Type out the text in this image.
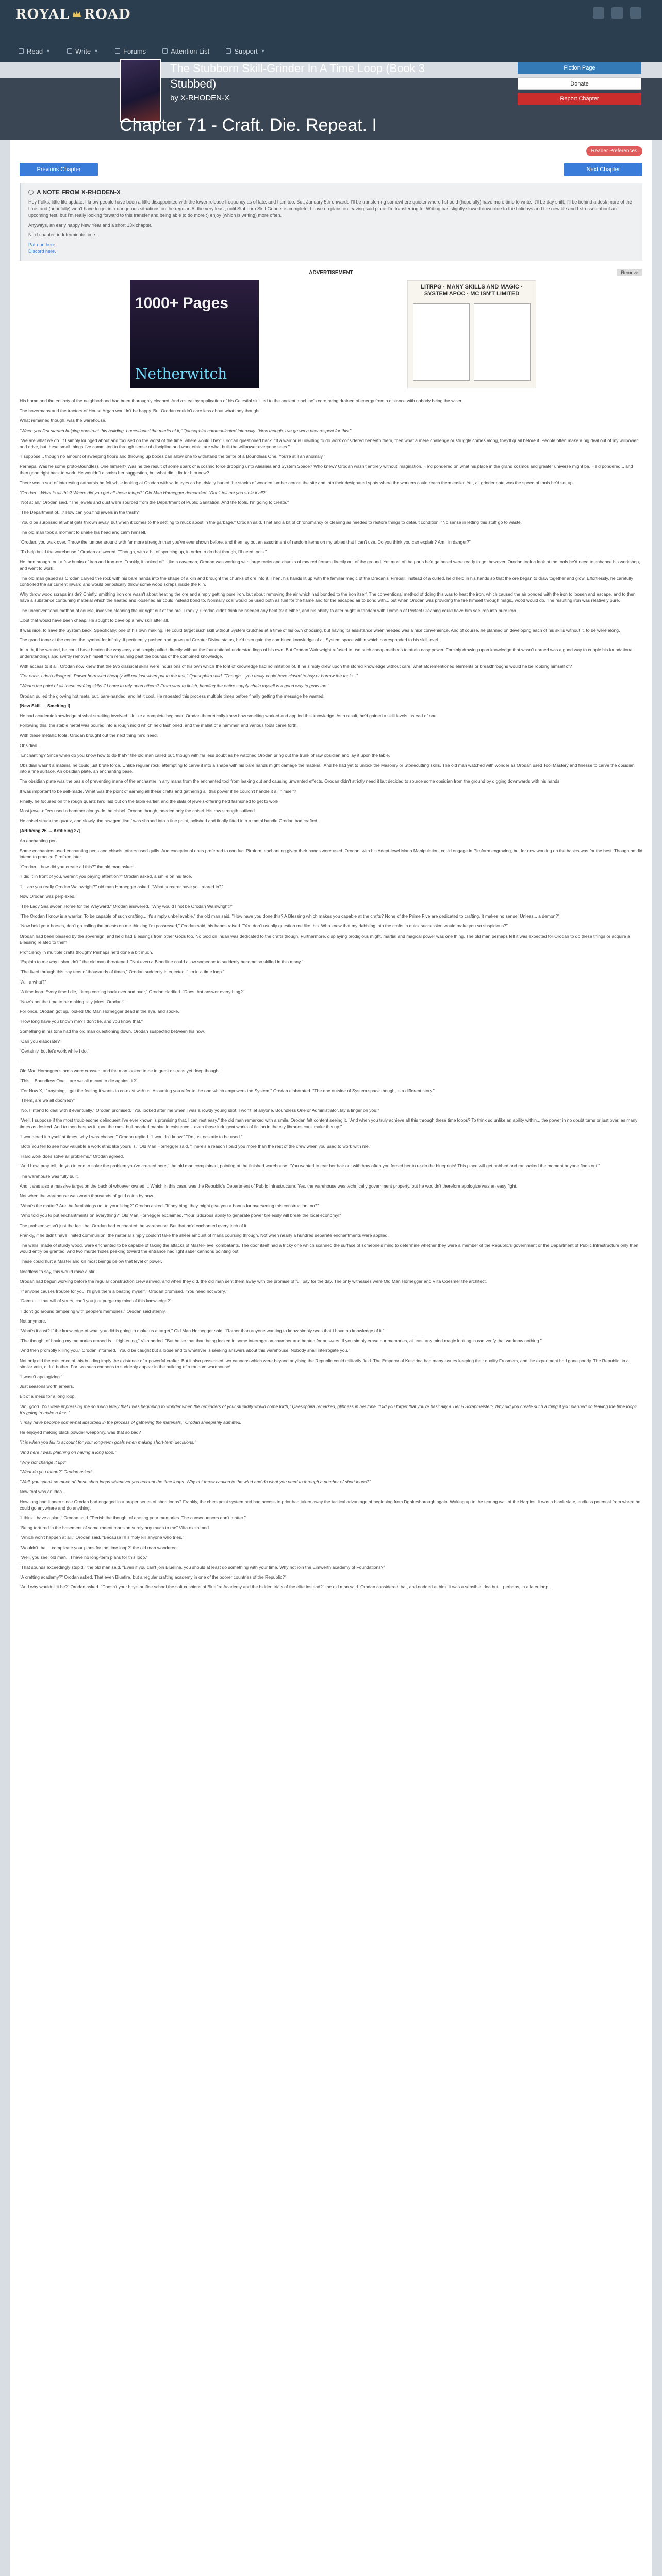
ROYAL ROAD
Read ▼	Write ▼	Forums	Attention List	Support ▼
The Stubborn Skill-Grinder In A Time Loop (Book 3 Stubbed)
by X-RHODEN-X
Fiction Page
Donate
Report Chapter
Chapter 71 - Craft. Die. Repeat. I
Reader Preferences
Previous Chapter	Next Chapter
A NOTE FROM X-RHODEN-X

Hey Folks, little life update. I know people have been a little disappointed with the lower release frequency as of late, and I am too. But, January 5th onwards I'll be transferring somewhere quieter where I should (hopefully) have more time to write. It'll be day shift, I'll be behind a desk more of the time, and (hopefully) won't have to get into dangerous situations on the regular. At the very least, until Stubborn Skill-Grinder is complete, I have no plans on leaving said place I'm transferring to. Writing has slightly slowed down due to the holidays and the new life and I stressed about an upcoming test, but I'm really looking forward to this transfer and being able to do more :) enjoy (which is writing) more often.

Anyways, an early happy New Year and a short 13k chapter.

Next chapter, indeterminate time.

Patreon here.
Discord here.
ADVERTISEMENT	Remove
1000+ Pages
Netherwitch
LITRPG · MANY SKILLS AND MAGIC · SYSTEM APOC · MC ISN'T LIMITED

His home and the entirety of the neighborhood had been thoroughly cleaned. And a stealthy application of his Celestial skill led to the ancient machine's core being drained of energy from a distance with nobody being the wiser.

The hovermans and the tractors of House Argan wouldn't be happy. But Orodan couldn't care less about what they thought.

What remained though, was the warehouse.

"When you first started helping construct this building, I questioned the merits of it," Qaesophira communicated internally. "Now though, I've grown a new respect for this."

"We are what we do. If I simply lounged about and focused on the worst of the time, where would I be?" Orodan questioned back. "If a warrior is unwilling to do work considered beneath them, then what a mere challenge or struggle comes along, they'll quail before it. People often make a big deal out of my willpower and drive, but these small things I've committed to through sense of discipline and work ethic, are what built the willpower everyone sees."

"I suppose... though no amount of sweeping floors and throwing up boxes can allow one to withstand the terror of a Boundless One. You're still an anomaly."

Perhaps. Was he some proto-Boundless One himself? Was he the result of some spark of a cosmic force dropping unto Alaisiaia and System Space? Who knew? Orodan wasn't entirely without imagination. He'd pondered on what his place in the grand cosmos and greater universe might be. He'd pondered... and then gone right back to work. He wouldn't dismiss her suggestion, but what did it fix for him now?

There was a sort of interesting catharsis he felt while looking at Orodan with wide eyes as he trivially hurled the stacks of wooden lumber across the site and into their designated spots where the workers could reach them easier. Yet, all grinder note was the speed of tools he'd set up.

"Orodan... What is all this? Where did you get all these things?" Old Man Hornegger demanded. "Don't tell me you stole it all?"

"Not at all," Orodan said. "The jewels and dust were sourced from the Department of Public Sanitation. And the tools, I'm going to create."

"The Department of...? How can you find jewels in the trash?"

"You'd be surprised at what gets thrown away, but when it comes to the settling to muck about in the garbage," Orodan said. That and a bit of chronomancy or clearing as needed to restore things to default condition. "No sense in letting this stuff go to waste."

The old man took a moment to shake his head and calm himself.

"Orodan, you walk over. Throw the lumber around with far more strength than you've ever shown before, and then lay out an assortment of random items on my tables that I can't use. Do you think you can explain? Am I in danger?"

"To help build the warehouse," Orodan answered. "Though, with a bit of sprucing up, in order to do that though, I'll need tools."

He then brought out a few hunks of iron and iron ore. Frankly, it looked off. Like a caveman, Orodan was working with large rocks and chunks of raw red ferrum directly out of the ground. Yet most of the parts he'd gathered were ready to go, however. Orodan took a look at the tools he'd need to enhance his workshop, and went to work.

The old man gaped as Orodan carved the rock with his bare hands into the shape of a kiln and brought the chunks of ore into it. Then, his hands lit up with the familiar magic of the Dracanis' Fireball, instead of a curled, he'd held in his hands so that the ore began to draw together and glow. Effortlessly, he carefully controlled the air current inward and would periodically throw some wood scraps inside the kiln.

Why throw wood scraps inside? Chiefly, smithing iron ore wasn't about heating the ore and simply getting pure iron, but about removing the air which had bonded to the iron itself. The conventional method of doing this was to heat the iron, which caused the air bonded with the iron to loosen and escape, and to then have a substance containing material which the heated and loosened air could instead bond to. Normally coal would be used both as fuel for the flame and for the escaped air to bond with... but when Orodan was providing the fire himself through magic, wood would do. The resulting iron was relatively pure.

The unconventional method of course, involved cleaning the air right out of the ore. Frankly, Orodan didn't think he needed any heat for it either, and his ability to alter might in tandem with Domain of Perfect Cleaning could have him see iron into pure iron.

...but that would have been cheap. He sought to develop a new skill after all.

It was nice, to have the System back. Specifically, one of his own making, He could target such skill without System crutches at a time of his own choosing, but having its assistance when needed was a nice convenience. And of course, he planned on developing each of his skills without it, to be were along.

The grand tome at the center, the symbol for infinity. If pertinently pushed and grown ad Greater Divine status, he'd then gain the combined knowledge of all System space within which corresponded to his skill level.

In truth, if he wanted, he could have beaten the way easy and simply pulled directly without the foundational understandings of his own. But Orodan Wainwright refused to use such cheap methods to attain easy power. Forcibly drawing upon knowledge that wasn't earned was a good way to cripple his foundational understandings and swiftly remove himself from remaining past the bounds of the combined knowledge.

With access to it all, Orodan now knew that the two classical skills were incursions of his own which the font of knowledge had no imitation of. If he simply drew upon the stored knowledge without care, what aforementioned elements or breakthroughs would he be robbing himself of?

"For once, I don't disagree. Power borrowed cheaply will not last when put to the test," Qaesophira said. "Though... you really could have closed to buy or borrow the tools..."

"What's the point of all these crafting skills if I have to rely upon others? From start to finish, heading the entire supply chain myself is a good way to grow too."

Orodan pulled the glowing hot metal out, bare-handed, and let it cool. He repeated this process multiple times before finally getting the message he wanted.

[New Skill — Smelting I]

He had academic knowledge of what smelting involved. Unlike a complete beginner, Orodan theoretically knew how smelting worked and applied this knowledge. As a result, he'd gained a skill levels instead of one.

Following this, the stable metal was poured into a rough mold which he'd fashioned, and the mallet of a hammer, and various tools came forth.

With these metallic tools, Orodan brought out the next thing he'd need.

Obsidian.

"Enchanting? Since when do you know how to do that?" the old man called out, though with far less doubt as he watched Orodan bring out the trunk of raw obsidian and lay it upon the table.

Obsidian wasn't a material he could just brute force. Unlike regular rock, attempting to carve it into a shape with his bare hands might damage the material. And he had yet to unlock the Masonry or Stonecutting skills. The old man watched with wonder as Orodan used Tool Mastery and finesse to carve the obsidian into a fine surface. An obsidian plate, an enchanting base.

The obsidian plate was the basis of preventing mana of the enchanter in any mana from the enchanted tool from leaking out and causing unwanted effects. Orodan didn't strictly need it but decided to source some obsidian from the ground by digging downwards with his hands.

It was important to be self-made. What was the point of earning all these crafts and gathering all this power if he couldn't handle it all himself?

Finally, he focused on the rough quartz he'd laid out on the table earlier, and the slats of jewels-offering he'd fashioned to get to work.

Most jewel-offers used a hammer alongside the chisel. Orodan though, needed only the chisel. His raw strength sufficed.

He chisel struck the quartz, and slowly, the raw gem itself was shaped into a fine point, polished and finally fitted into a metal handle Orodan had crafted.

[Artificing 26 → Artificing 27]

An enchanting pen.

Some enchanters used enchanting pens and chisels, others used quills. And exceptional ones preferred to conduct Piroform enchanting given their hands were used. Orodan, with his Adept-level Mana Manipulation, could engage in Piroform engraving, but for now working on the basics was for the best. Though he did intend to practice Piroform later.

"Orodan... how did you create all this?" the old man asked.

"I did it in front of you, weren't you paying attention?" Orodan asked, a smile on his face.

"I... are you really Orodan Wainwright?" old man Hornegger asked. "What sorcerer have you reared in?"

Now Orodan was perplexed.

"The Lady Sealswoen Home for the Wayward," Orodan answered. "Why would I not be Orodan Wainwright?"

"The Orodan I know is a warrior. To be capable of such crafting... it's simply unbelievable," the old man said. "How have you done this? A Blessing which makes you capable at the crafts? None of the Prime Five are dedicated to crafting. It makes no sense! Unless... a demon?"

"Now hold your horses, don't go calling the priests on me thinking I'm possessed," Orodan said, his hands raised. "You don't usually question me like this. Who knew that my dabbling into the crafts in quick succession would make you so suspicious?"

Orodan had been blessed by the sovereign, and he'd had Blessings from other Gods too. No God on Inuan was dedicated to the crafts though. Furthermore, displaying prodigious might, martial and magical power was one thing. The old man perhaps felt it was expected for Orodan to do these things or acquire a Blessing related to them.

Proficiency in multiple crafts though? Perhaps he'd done a bit much.

"Explain to me why I shouldn't," the old man threatened. "Not even a Bloodline could allow someone to suddenly become so skilled in this many."

"The lived through this day tens of thousands of times," Orodan suddenly interjected. "I'm in a time loop."

"A... a what?"

"A time loop. Every time I die, I keep coming back over and over," Orodan clarified. "Does that answer everything?"

"Now's not the time to be making silly jokes, Orodan!"

For once, Orodan got up, looked Old Man Hornegger dead in the eye, and spoke.

"How long have you known me? I don't lie, and you know that."

Something in his tone had the old man questioning down. Orodan suspected between his now.

"Can you elaborate?"

"Certainly, but let's work while I do."

...

Old Man Hornegger's arms were crossed, and the man looked to be in great distress yet deep thought.

"This... Boundless One... are we all meant to die against it?"

"For Now X, if anything, I get the feeling it wants to co-exist with us. Assuming you refer to the one which empowers the System," Orodan elaborated. "The one outside of System space though, is a different story."

"Them, are we all doomed?"

"No, I intend to deal with it eventually," Orodan promised. "You looked after me when I was a rowdy young idiot. I won't let anyone, Boundless One or Administrator, lay a finger on you."

"Well, I suppose if the most troublesome delinquent I've ever known is promising that, I can rest easy," the old man remarked with a smile. Orodan felt content seeing it. "And when you truly achieve all this through these time loops? To think so unlike an ability within... the power in no doubt turns or just over, as many times as desired. And to then bestow it upon the most bull-headed maniac in existence... even those indulgent works of fiction in the city libraries can't make this up."

"I wondered it myself at times, why I was chosen," Orodan replied. "I wouldn't know." "I'm just ecstatic to be used."

"Both You fell to see how valuable a work ethic like yours is," Old Man Hornegger said. "There's a reason I paid you more than the rest of the crew when you used to work with me."

"Hard work does solve all problems," Orodan agreed.

"And how, pray tell, do you intend to solve the problem you've created here," the old man complained, pointing at the finished warehouse. "You wanted to tear her hair out with how often you forced her to re-do the blueprints! This place will get nabbed and ransacked the moment anyone finds out!"

The warehouse was fully built.

And it was also a massive target on the back of whoever owned it. Which in this case, was the Republic's Department of Public Infrastructure. Yes, the warehouse was technically government property, but he wouldn't therefore apologize was an easy fight.

Not when the warehouse was worth thousands of gold coins by now.

"What's the matter? Are the furnishings not to your liking?" Orodan asked. "If anything, they might give you a bonus for overseeing this construction, no?"

"Who told you to put enchantments on everything?" Old Man Hornegger exclaimed. "Your ludicrous ability to generate power tirelessly will break the local economy!"

The problem wasn't just the fact that Orodan had enchanted the warehouse. But that he'd enchanted every inch of it.

Frankly, if he didn't have limited communion, the material simply couldn't take the sheer amount of mana coursing through. Not when nearly a hundred separate enchantments were applied.

The walls, made of sturdy wood, were enchanted to be capable of taking the attacks of Master-level combatants. The door itself had a tricky one which scanned the surface of someone's mind to determine whether they were a member of the Republic's government or the Department of Public Infrastructure only then would entry be granted. And two murderholes peeking toward the entrance had light saber cannons pointing out.

These could hurt a Master and kill most beings below that level of power.

Needless to say, this would raise a stir.

Orodan had begun working before the regular construction crew arrived, and when they did, the old man sent them away with the promise of full pay for the day. The only witnesses were Old Man Hornegger and Vilta Coesmer the architect.

"If anyone causes trouble for you, I'll give them a beating myself," Orodan promised. "You need not worry."

"Damn it... that will of yours, can't you just purge my mind of this knowledge?"

"I don't go around tampering with people's memories," Orodan said sternly.

Not anymore.

"What's it cost? If the knowledge of what you did is going to make us a target," Old Man Hornegger said. "Rather than anyone wanting to know simply sees that I have no knowledge of it."

"The thought of having my memories erased is... frightening," Vilta added. "But better that than being locked in some interrogation chamber and beaten for answers. If you simply erase our memories, at least any mind magic looking in can verify that we know nothing."

"And then promptly killing you," Orodan informed. "You'd be caught but a loose end to whatever is seeking answers about this warehouse. Nobody shall interrogate you."

Not only did the existence of this building imply the existence of a powerful crafter. But it also possessed two cannons which were beyond anything the Republic could militarily field. The Emperor of Kesarina had many issues keeping their quality Frosmers, and the experiment had gone poorly. The Republic, in a similar vein, didn't bother. For two such cannons to suddenly appear in the building of a random warehouse!

"I wasn't apologizing."

Just seasons worth arrears.

Bit of a mess for a long loop.

"Ah, good. You were impressing me so much lately that I was beginning to wonder when the reminders of your stupidity would come forth," Qaesophira remarked, glibness in her tone. "Did you forget that you're basically a Tier 5 Scrapmeister? Why did you create such a thing if you planned on leaving the time loop? It's going to make a fuss."

"I may have become somewhat absorbed in the process of gathering the materials," Orodan sheepishly admitted.

He enjoyed making black powder weaponry, was that so bad?

"It is when you fail to account for your long-term goals when making short-term decisions."

"And here I was, planning on having a long loop."

"Why not change it up?"

"What do you mean?" Orodan asked.

"Well, you speak so much of these short loops whenever you recount the time loops. Why not throw caution to the wind and do what you need to through a number of short loops?"

Now that was an idea.

How long had it been since Orodan had engaged in a proper series of short loops? Frankly, the checkpoint system had had access to prior had taken away the tactical advantage of beginning from Dgbkesborough again. Waking up to the tearing wail of the Harpies, it was a blank slate, endless potential from where he could go anywhere and do anything.

"I think I have a plan," Orodan said. "Perish the thought of erasing your memories. The consequences don't matter."

"Being tortured in the basement of some rodent mansion surely any much to me" Vilta exclaimed.

"Which won't happen at all," Orodan said. "Because I'll simply kill anyone who tries."

"Wouldn't that... complicate your plans for the time loop?" the old man wondered.

"Well, you see, old man... I have no long-term plans for this loop."

"That sounds exceedingly stupid," the old man said. "Even if you can't join Blueline, you should at least do something with your time. Why not join the Eimwerth academy of Foundations?"

"A crafting academy?" Orodan asked. That even Bluefire, but a regular crafting academy in one of the poorer countries of the Republic?"

"And why wouldn't it be?" Orodan asked. "Doesn't your boy's artifice school the soft cushions of Bluefire Academy and the hidden trials of the elite instead?" the old man said. Orodan considered that, and nodded at him. It was a sensible idea but... perhaps, in a later loop.
